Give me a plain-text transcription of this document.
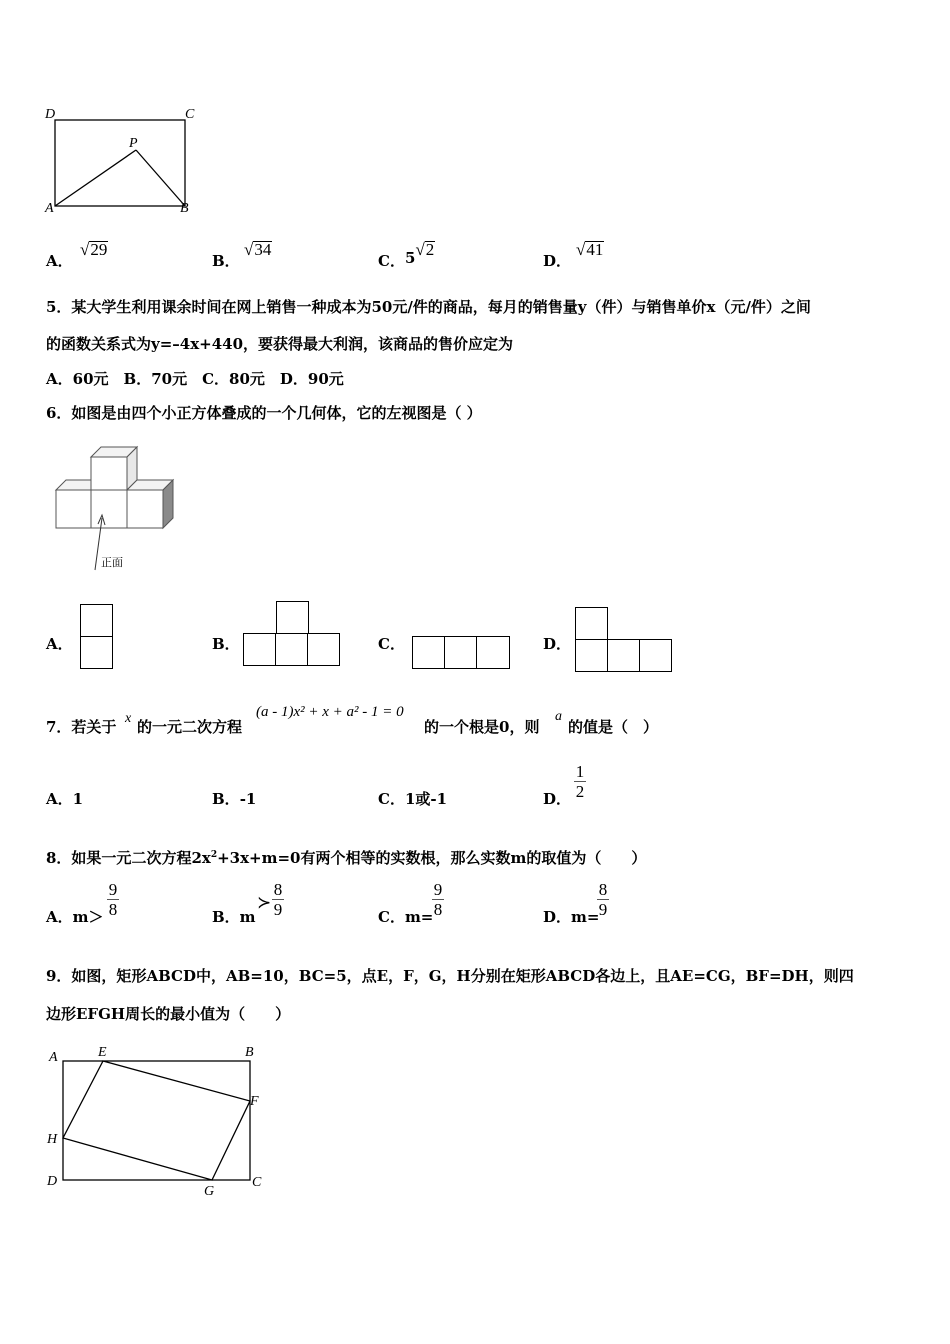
D	C
P
A	B
A．
√29
B．
√34
C． 5√2
D．
√41
5．某大学生利用课余时间在网上销售一种成本为50元/件的商品，每月的销售量y（件）与销售单价x（元/件）之间
的函数关系式为y=–4x+440，要获得最大利润，该商品的售价应定为
A．60元　B．70元　C．80元　D．90元
6．如图是由四个小正方体叠成的一个几何体，它的左视图是（ ）
正面
A．	B．	C．	D．
7．若关于 x 的一元二次方程
(a - 1)x² + x + a² - 1 = 0
的一个根是0，则
a
的值是（　）
A．1	B．-1	C．1或-1	D．
1
2
8．如果一元二次方程$2x^2+3x+m=0$有两个相等的实数根，那么实数m的取值为（　　）
A．m＞
9
8	B．m
≻
8
9	C．m=
9
8	D．m=
8
9
9．如图，矩形ABCD中，AB=10，BC=5，点E，F，G，H分别在矩形ABCD各边上，且AE=CG，BF=DH，则四
边形EFGH周长的最小值为（　　）
A	E	B
F
H
D
G
C
